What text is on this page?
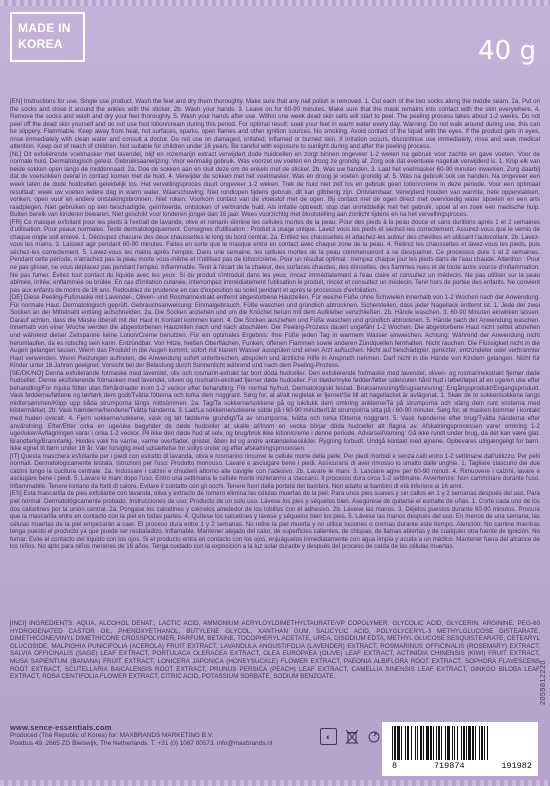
MADE IN KOREA	40 g

[EN] Instructions for use: Single use product. Wash the feet and dry them thoroughly. Make sure that any nail polish is removed. 1. Cut each of the two socks along the middle seam. 2a. Put on the socks and close it around the ankles with the sticker. 2b. Wash your hands. 3. Leave on for 60-90 minutes. Make sure that the mask remains into contact with the skin everywhere. 4. Remove the socks and wash and dry your feet thoroughly. 5. Wash your hands after use. Within one week dead skin cells will start to peel. The peeling process takes about 1-2 weeks. Do not peel off the dead skin yourself and do not use foot lotion/cream during this period. For optimal result: soak your feet in warm water every day. Warning: Do not walk around during use, this can be slippery. Flammable. Keep away from heat, hot surfaces, sparks, open flames and other ignition sources. No smoking. Avoid contact of the liquid with the eyes. If the product gets in eyes, rinse immediately with clean water and consult a doctor. Do not use on damaged, irritated, inflamed or burned skin. If irritation occurs, discontinue use immediately, rinse and seek medical attention. Keep out of reach of children. Not suitable for children under 16 years. Be careful with exposure to sunlight during and after the peeling process.

[NL] Dit exfoliërende voetmasker met lavendel, olijf en rozemarijn extract verwijdert dode huidcellen en zorgt binnen ongeveer 1-2 weken na gebruik voor zachte en gave voeten. Voor de normale huid. Dermatologisch getest. Gebruiksaanwijzing: Voor eenmalig gebruik. Was voorzet uw voeten en droog ze grondig af. Zorg ook dat eventuele nagellak verwijderd is. 1. Knip elk van beide sokken open langs de middennaad. 2a. Doe de sokken aan en sluit deze om de enkels met de sticker. 2b. Was uw handen. 3. Laat het voetmasker 60-90 minuten inwerken. Zorg daarbij dat de voetsokken overal in contact komen met de huid. 4. Verwijder de sokken met het voetmasker. Was en droog je voeten grondig af. 5. Was na gebruik ook uw handen. Na ongeveer een week laten de dode huidcellen geleidelijk los. Het vervellingsproces duurt ongeveer 1-2 weken. Trek de huid niet zelf los en gebruik geen lotion/crème in deze periode. Voor een optimaal resultaat: week uw voeten iedere dag in warm water. Waarschuwing: Niet rondlopen tijdens gebruik, dit kan glibberig zijn. Ontvlambaar. Verwijderd houden van warmte, hete oppervlakken, vonken, open vuur en andere ontstekingsbronnen. Niet roken. Voorkom contact van de vloeistof met de ogen. Bij contact met de ogen direct met overvloedig water spoelen en een arts raadplegen. Niet gebruiken op een beschadigde, geïrriteerde, ontstoken of verbrande huid. Als irritatie optreedt, stop dan onmiddellijk met het gebruik, spoel af en zoek een medische hulp. Buiten bereik van kinderen bewaren. Niet geschikt voor kinderen jonger dan 16 jaar. Wees voorzichtig met blootstelling aan zonlicht tijdens en na het vervellingsproces.

[FR] Ce masque exfoliant pour les pieds à l'extrait de lavande, olive et romarin élimine les cellules mortes de la peau. Pour des pieds à la peau douce et sans durillons après 1 et 2 semaines d'utilisation. Pour peaux normales. Testé dermatologiquement. Consignes d'utilisation : Produit à usage unique. Lavez vous les pieds et séchez-les correctement. Assurez-vous que le vernis de chaque ongle soit enlevé. 1. Découpez chacune des deux chaussettes le long du bord central. 2a. Enfilez les chaussettes et attachez-les autour des chevilles en utilisant l'autocollant. 2b. Lavez-vous les mains. 3. Laissez agir pendant 60-90 minutes. Faites en sorte que le masque entre en contact avec chaque zone de la peau. 4. Retirez les chaussettes et lavez-vous les pieds, puis séchez-les correctement. 5. Lavez-vous les mains après l'emploi. Dans une semaine, les cellules mortes de la peau commenceront à se desquamer. Ce processus dure 1 et 2 semaines. Pendant cette période, n'arrachez pas la peau morte vous-même et n'utilisez pas de lotion/crème. Pour un résultat optimal : trempez chaque jour les pieds dans de l'eau chaude. Attention : Pour ne pas glisser, ne vous déplacez pas pendant l'emploi. Inflammable. Tenir à l'écart de la chaleur, des surfaces chaudes, des étincelles, des flammes nues et de toute autre source d'inflammation. Ne pas fumer. Évitez tout contact du liquide avec les yeux. Si du produit s'introduit dans les yeux, rincez immédiatement à l'eau claire et consultez un médecin. Ne pas utiliser sur la peau abîmée, irritée, enflammée ou brûlée. En cas d'irritation cutanée, interrompez immédiatement l'utilisation le produit, rincez et consultez un médecin. Tenir hors de portée des enfants. Ne convient pas aux enfants de moins de 16 ans. Redoublez de prudence en cas d'exposition au soleil pendant et après le processus d'exfoliation.

[DE] Diese Peeling-Fußmaske mit Lavendel-, Oliven- und Rosmarinextrakt entfernt abgestorbene Hautzellen. Für weiche Füße ohne Schwielen innerhalb von 1-2 Wochen nach der Anwendung. Für normale Haut. Dermatologisch geprüft. Gebrauchsanweisung: Einmalgebrauch. Füße waschen und gründlich abtrocknen. Sicherstellen, dass jeder Nagellack entfernt ist. 1. Jede der zwei Socken an der Mittelnaht entlang aufschneiden. 2a. Die Socken anziehen und um die Knöchel herum mit dem Aufkleber verschließen. 2b. Hände waschen. 3. 60-90 Minuten einwirken lassen. Darauf achten, dass die Maske überall mit der Haut in Kontakt kommen kann. 4. Die Socken ausziehen und Füße waschen und gründlich abtrocknen. 5. Hände nach der Anwendung waschen. Innerhalb von einer Woche werden die abgestorbenen Hautzellen nach und nach abschälen. Der Peeling-Prozess dauert ungefähr 1-2 Wochen. Die abgestorbene Haut nicht selbst abziehen und während dieser Zeitspanne keine Lotion/Creme benutzen. Für ein optimales Ergebnis: Ihre Füße jeden Tag in warmem Wasser einweichen. Achtung: Während der Anwendung nicht herumlaufen, da es rutschig sein kann. Entzündbar. Von Hitze, heißen Oberflächen, Funken, offenen Flammen sowie anderen Zündquellen fernhalten. Nicht rauchen. Die Flüssigkeit nicht in die Augen gelangen lassen. Wenn das Produkt in die Augen kommt, sofort mit klarem Wasser ausspülen und einen Arzt aufsuchen. Nicht auf beschädigter, gereizter, entzündeter oder verbrannter Haut verwenden. Wenn Reizungen auftreten, die Anwendung sofort unterbrechen, abspülen und ärztliche Hilfe in Anspruch nehmen. Darf nicht in die Hände von Kindern gelangen. Nicht für Kinder unter 16 Jahren geeignet. Vorsicht bei der Belastung durch Sonnenlicht während und nach dem Peeling-Prozess.

[SE/DK/NO] Denna exfolierande fotmaske med lavendel, oliv och rosmarin-extrakt tar bort döda hudceller. Den exfolierende fodmaske med lavendel, oliven- og rosmarinekstrakt fjerner døde hudceller. Denne eksfolierende fotmasken med lavendel, oliven og rosmarin-ekstrakt fjerner døde hudceller. For bløde/myke fødder/føtter uden/uten hård hud i løbet/løpet af en uge/en uke efter behandling/For mjuka fötter utan förhårdnader inom 1-2 veckor efter behandling. För normal hy/hud. Dermatologiskt testad. Bruksanvisning/Brugsanvisning: Engångsprodukt/Engangsprodukt. Vask fødderne/føttene og tør/tørk dem godt/Tvätta fötterna och torka dem noggrant. Sørg for, at al/alt neglelak er fjernet/Se till att nagellacket är avlägsnat. 1. Skær de to sokker/sokkene langs midtersømmen/Klipp upp båda strumporna längs mittsömmen. 2a. Tag/Ta sokkerne/sokkene på og luk/lukk dem omkring anklerne/Ta på strumporna och stäng dem runt vristerna med klistermärket. 2b. Vask hænderne/hendene/Tvätta händerna. 3. Lad/La sokkerne/sokkene sidde på i 60-90 minutter/Låt strumporna sitta på i 60-90 minuter. Sørg for, at masken kommer i kontakt med huden overalt. 4. Fjern sokkerne/sokkene, vask og tør fødderne grundigt/Ta av strumporna, tvätta och torka fötterna noggrant. 5. Vask hænderne efter brug/Tvätta händerna efter användning. Efter/Etter cirka en uge/uke begynder de døde hudceller at skalle af/Inom en vecka börjar döda hudceller att flagna av. Afskalningsprocessen varer omkring 1-2 uger/uker/Avflagningen varar i cirka 1-2 veckor. Pil ikke den døde hud af selv, og brug/bruk ikke lotion/creme i denne periode. Advarsel/Varning: Gå ikke rundt under brug, da det kan være glat. Brandfarlig/Brannfarlig. Holdes væk fra varme, varme overflader, gnister, åben ild og andre antændelseskilder. Rygning forbudt. Undgå kontakt med øjnene. Opbevares utilgængeligt for børn. Ikke egnet til børn under 16 år. Vær forsigtig med udsættelse for sollys under og efter afskalningsprocessen.

[IT] Questa maschera esfoliante per i piedi con estratto di lavanda, oliva e rosmarino rimuove le cellule morte della pelle. Per piedi morbidi e senza calli entro 1-2 settimane dall'utilizzo. Per pelli normali. Dermatologicamente testata. Istruzioni per l'uso: Prodotto monouso. Lavare e asciugare bene i piedi. Assicurarsi di aver rimosso lo smalto dalle unghie. 1. Tagliare ciascuno dei due calzini lungo la cucitura centrale. 2a. Indossare i calzini e chiuderli attorno alle caviglie con l'adesivo. 2b. Lavare le mani. 3. Lasciare agire per 60-90 minuti. 4. Rimuovere i calzini, lavare e asciugare bene i piedi. 5. Lavare le mani dopo l'uso. Entro una settimana le cellule morte inizieranno a staccarsi. Il processo dura circa 1-2 settimane. Avvertenze: Non camminare durante l'uso. Infiammabile. Tenere lontano da fonti di calore. Evitare il contatto con gli occhi. Tenere fuori dalla portata dei bambini. Non adatto ai bambini di età inferiore ai 16 anni.

[ES] Esta mascarilla de pies exfoliante con lavanda, oliva y extracto de romero elimina las células muertas de la piel. Para unos pies suaves y sin callos en 1 y 2 semanas después del uso. Para piel normal. Dermatológicamente probado. Instrucciones de uso: Producto de un solo uso. Lávese los pies y séquelos bien. Asegúrese de quitarse el esmalte de uñas. 1. Corte cada uno de los dos calcetines por la unión central. 2a. Póngase los calcetines y ciérrelos alrededor de los tobillos con el adhesivo. 2b. Lávese las manos. 3. Déjelos puestos durante 60-90 minutos. Procure que la mascarilla entre en contacto con la piel en todas partes. 4. Quítese los calcetines y lávese y séquelos bien los pies. 5. Lávese las manos después del uso. En menos de una semana, las células muertas de la piel empezarán a caer. El proceso dura entre 1 y 2 semanas. No retire la piel muerta y no utilice lociones o cremas durante este tiempo. Atención: No camine mientras tenga puesto el producto ya que puede ser resbaladizo. Inflamable. Mantener alejado del calor, de superficies calientes, de chispas, de llamas abiertas y de cualquier otra fuente de ignición. No fumar. Evite el contacto del líquido con los ojos. Si el producto entra en contacto con los ojos, enjuáguelos inmediatamente con agua limpia y acuda a un médico. Mantener fuera del alcance de los niños. No apto para niños menores de 16 años. Tenga cuidado con la exposición a la luz solar durante y después del proceso de caída de las células muertas.

[INCI] INGREDIENTS: AQUA, ALCOHOL DENAT., LACTIC ACID, AMMONIUM ACRYLOYLDIMETHYLTAURATE/VP COPOLYMER, GLYCOLIC ACID, GLYCERIN, ARGININE, PEG-60 HYDROGENATED CASTOR OIL, PHENOXYETHANOL, BUTYLENE GLYCOL, XANTHAN GUM, SALICYLIC ACID, POLYGLYCERYL-3 METHYLGLUCOSE DISTEARATE, DIMETHICONE/VINYL DIMETHICONE CROSSPOLYMER, PARFUM, BETAINE, TOCOPHERYL ACETATE, UREA, DISODIUM EDTA, METHYL GLUCOSE SESQUISTEARATE, CETEARYL GLUCOSIDE, MALPIGHIA PUNICIFOLIA (ACEROLA) FRUIT EXTRACT, LAVANDULA ANGUSTIFOLIA (LAVENDER) EXTRACT, ROSMARINUS OFFICINALIS (ROSEMARY) EXTRACT, SALVIA OFFICINALIS (SAGE) LEAF EXTRACT, PORTULACA OLERACEA EXTRACT, OLEA EUROPAEA (OLIVE) LEAF EXTRACT, ACTINIDIA CHINENSIS (KIWI) FRUIT EXTRACT, MUSA SAPIENTUM (BANANA) FRUIT EXTRACT, LONICERA JAPONICA (HONEYSUCKLE) FLOWER EXTRACT, PAEONIA ALBIFLORA ROOT EXTRACT, SOPHORA FLAVESCENS ROOT EXTRACT, SCUTELLARIA BAICALENSIS ROOT EXTRACT, PRUNUS PERSICA (PEACH) LEAF EXTRACT, CAMELLIA SINENSIS LEAF EXTRACT, GINKGO BILOBA LEAF EXTRACT, ROSA CENTIFOLIA FLOWER EXTRACT, CITRIC ACID, POTASSIUM SORBATE, SODIUM BENZOATE.	2059812220
www.sence-essentials.com
Produced (The Republic of Korea) for: MAXBRANDS MARKETING B.V.
Postbus 49, 2665 ZG Bleiswijk, The Netherlands. T. +31 (0) 1087 00573. info@maxbrands.nl
◐
8	719874	191982
